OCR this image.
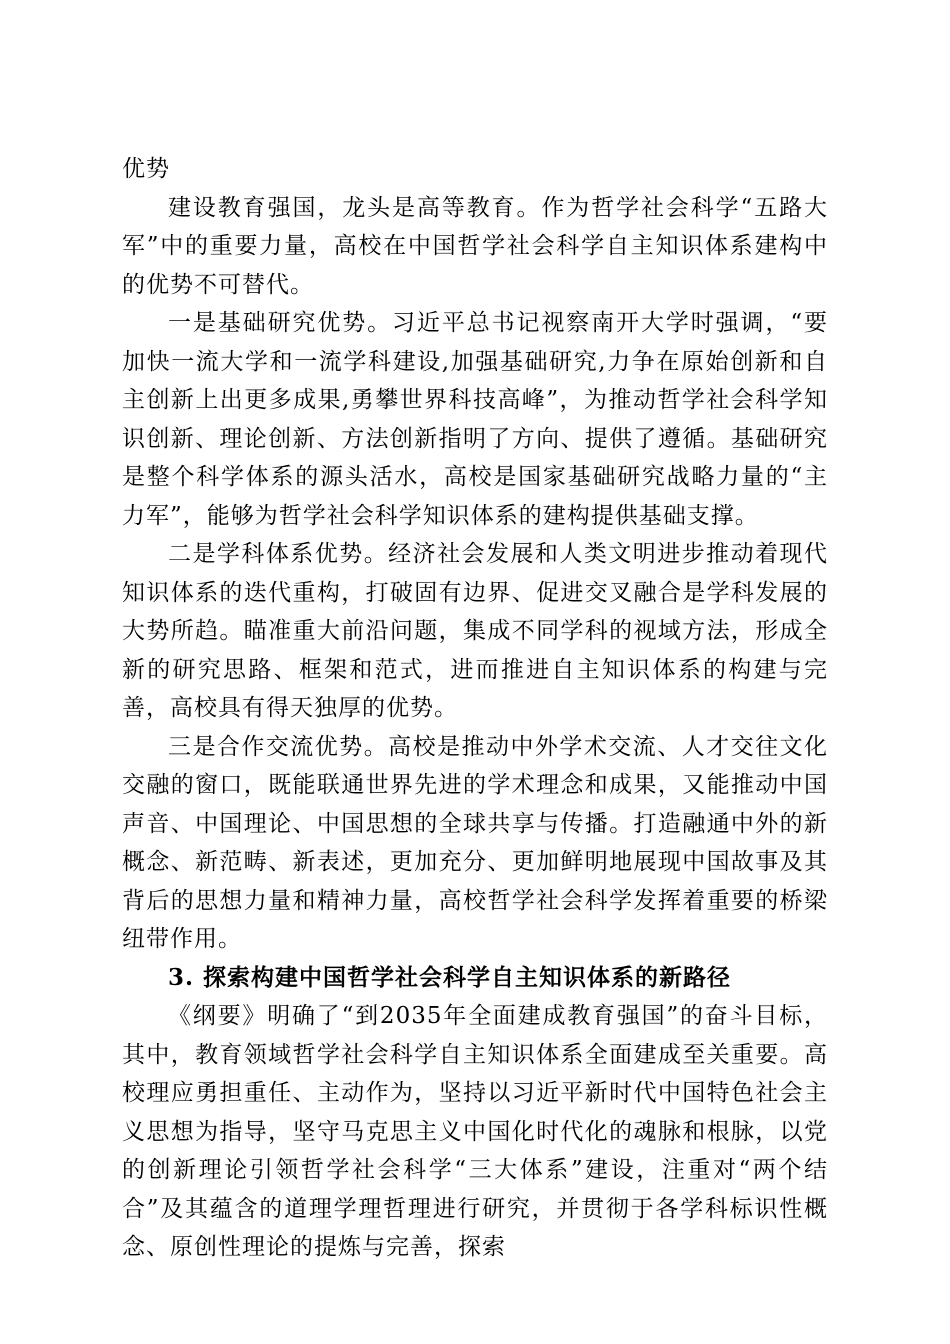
优势

建设教育强国，龙头是高等教育。作为哲学社会科学“五路大军”中的重要力量，高校在中国哲学社会科学自主知识体系建构中的优势不可替代。

一是基础研究优势。习近平总书记视察南开大学时强调，“要加快一流大学和一流学科建设,加强基础研究,力争在原始创新和自主创新上出更多成果,勇攀世界科技高峰”，为推动哲学社会科学知识创新、理论创新、方法创新指明了方向、提供了遵循。基础研究是整个科学体系的源头活水，高校是国家基础研究战略力量的“主力军”，能够为哲学社会科学知识体系的建构提供基础支撑。

二是学科体系优势。经济社会发展和人类文明进步推动着现代知识体系的迭代重构，打破固有边界、促进交叉融合是学科发展的大势所趋。瞄准重大前沿问题，集成不同学科的视域方法，形成全新的研究思路、框架和范式，进而推进自主知识体系的构建与完善，高校具有得天独厚的优势。

三是合作交流优势。高校是推动中外学术交流、人才交往文化交融的窗口，既能联通世界先进的学术理念和成果，又能推动中国声音、中国理论、中国思想的全球共享与传播。打造融通中外的新概念、新范畴、新表述，更加充分、更加鲜明地展现中国故事及其背后的思想力量和精神力量，高校哲学社会科学发挥着重要的桥梁纽带作用。

3. 探索构建中国哲学社会科学自主知识体系的新路径

《纲要》明确了“到2035年全面建成教育强国”的奋斗目标，其中，教育领域哲学社会科学自主知识体系全面建成至关重要。高校理应勇担重任、主动作为，坚持以习近平新时代中国特色社会主义思想为指导，坚守马克思主义中国化时代化的魂脉和根脉，以党的创新理论引领哲学社会科学“三大体系”建设，注重对“两个结合”及其蕴含的道理学理哲理进行研究，并贯彻于各学科标识性概念、原创性理论的提炼与完善，探索
